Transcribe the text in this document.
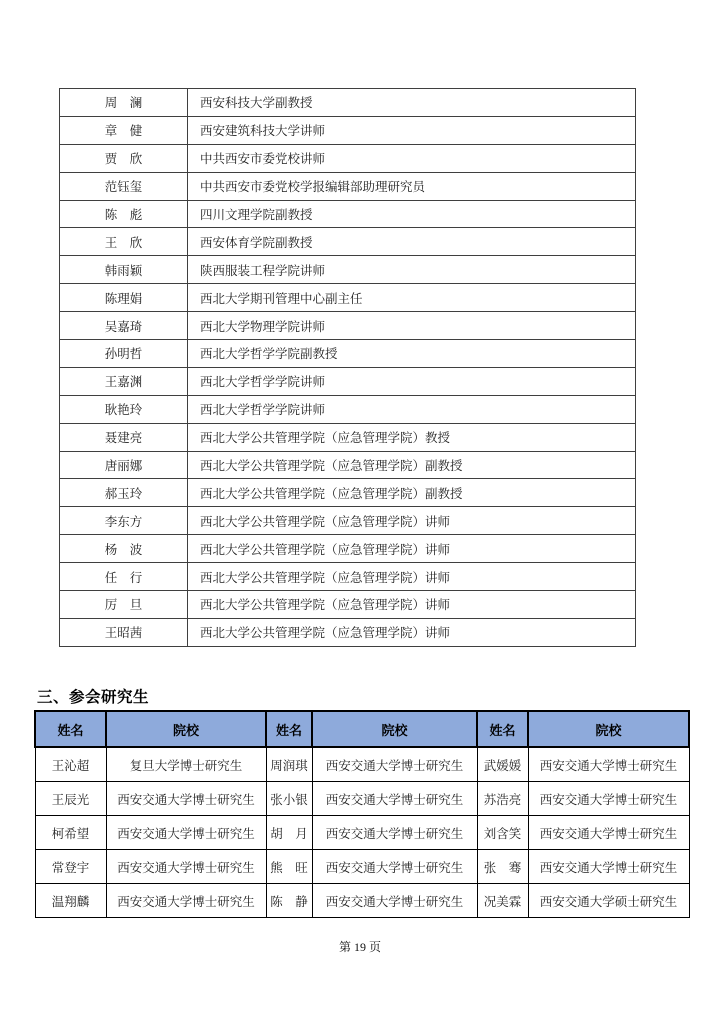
周　澜	西安科技大学副教授
章　健	西安建筑科技大学讲师
贾　欣	中共西安市委党校讲师
范钰玺	中共西安市委党校学报编辑部助理研究员
陈　彪	四川文理学院副教授
王　欣	西安体育学院副教授
韩雨颖	陕西服装工程学院讲师
陈理娟	西北大学期刊管理中心副主任
吴嘉琦	西北大学物理学院讲师
孙明哲	西北大学哲学学院副教授
王嘉渊	西北大学哲学学院讲师
耿艳玲	西北大学哲学学院讲师
聂建亮	西北大学公共管理学院（应急管理学院）教授
唐丽娜	西北大学公共管理学院（应急管理学院）副教授
郝玉玲	西北大学公共管理学院（应急管理学院）副教授
李东方	西北大学公共管理学院（应急管理学院）讲师
杨　波	西北大学公共管理学院（应急管理学院）讲师
任　行	西北大学公共管理学院（应急管理学院）讲师
厉　旦	西北大学公共管理学院（应急管理学院）讲师
王昭茜	西北大学公共管理学院（应急管理学院）讲师
三、参会研究生
姓名	院校	姓名	院校	姓名	院校
王沁超	复旦大学博士研究生	周润琪	西安交通大学博士研究生	武媛媛	西安交通大学博士研究生
王辰光	西安交通大学博士研究生	张小银	西安交通大学博士研究生	苏浩亮	西安交通大学博士研究生
柯希望	西安交通大学博士研究生	胡　月	西安交通大学博士研究生	刘含笑	西安交通大学博士研究生
常登宇	西安交通大学博士研究生	熊　旺	西安交通大学博士研究生	张　骞	西安交通大学博士研究生
温翔麟	西安交通大学博士研究生	陈　静	西安交通大学博士研究生	况美霖	西安交通大学硕士研究生
第 19 页
